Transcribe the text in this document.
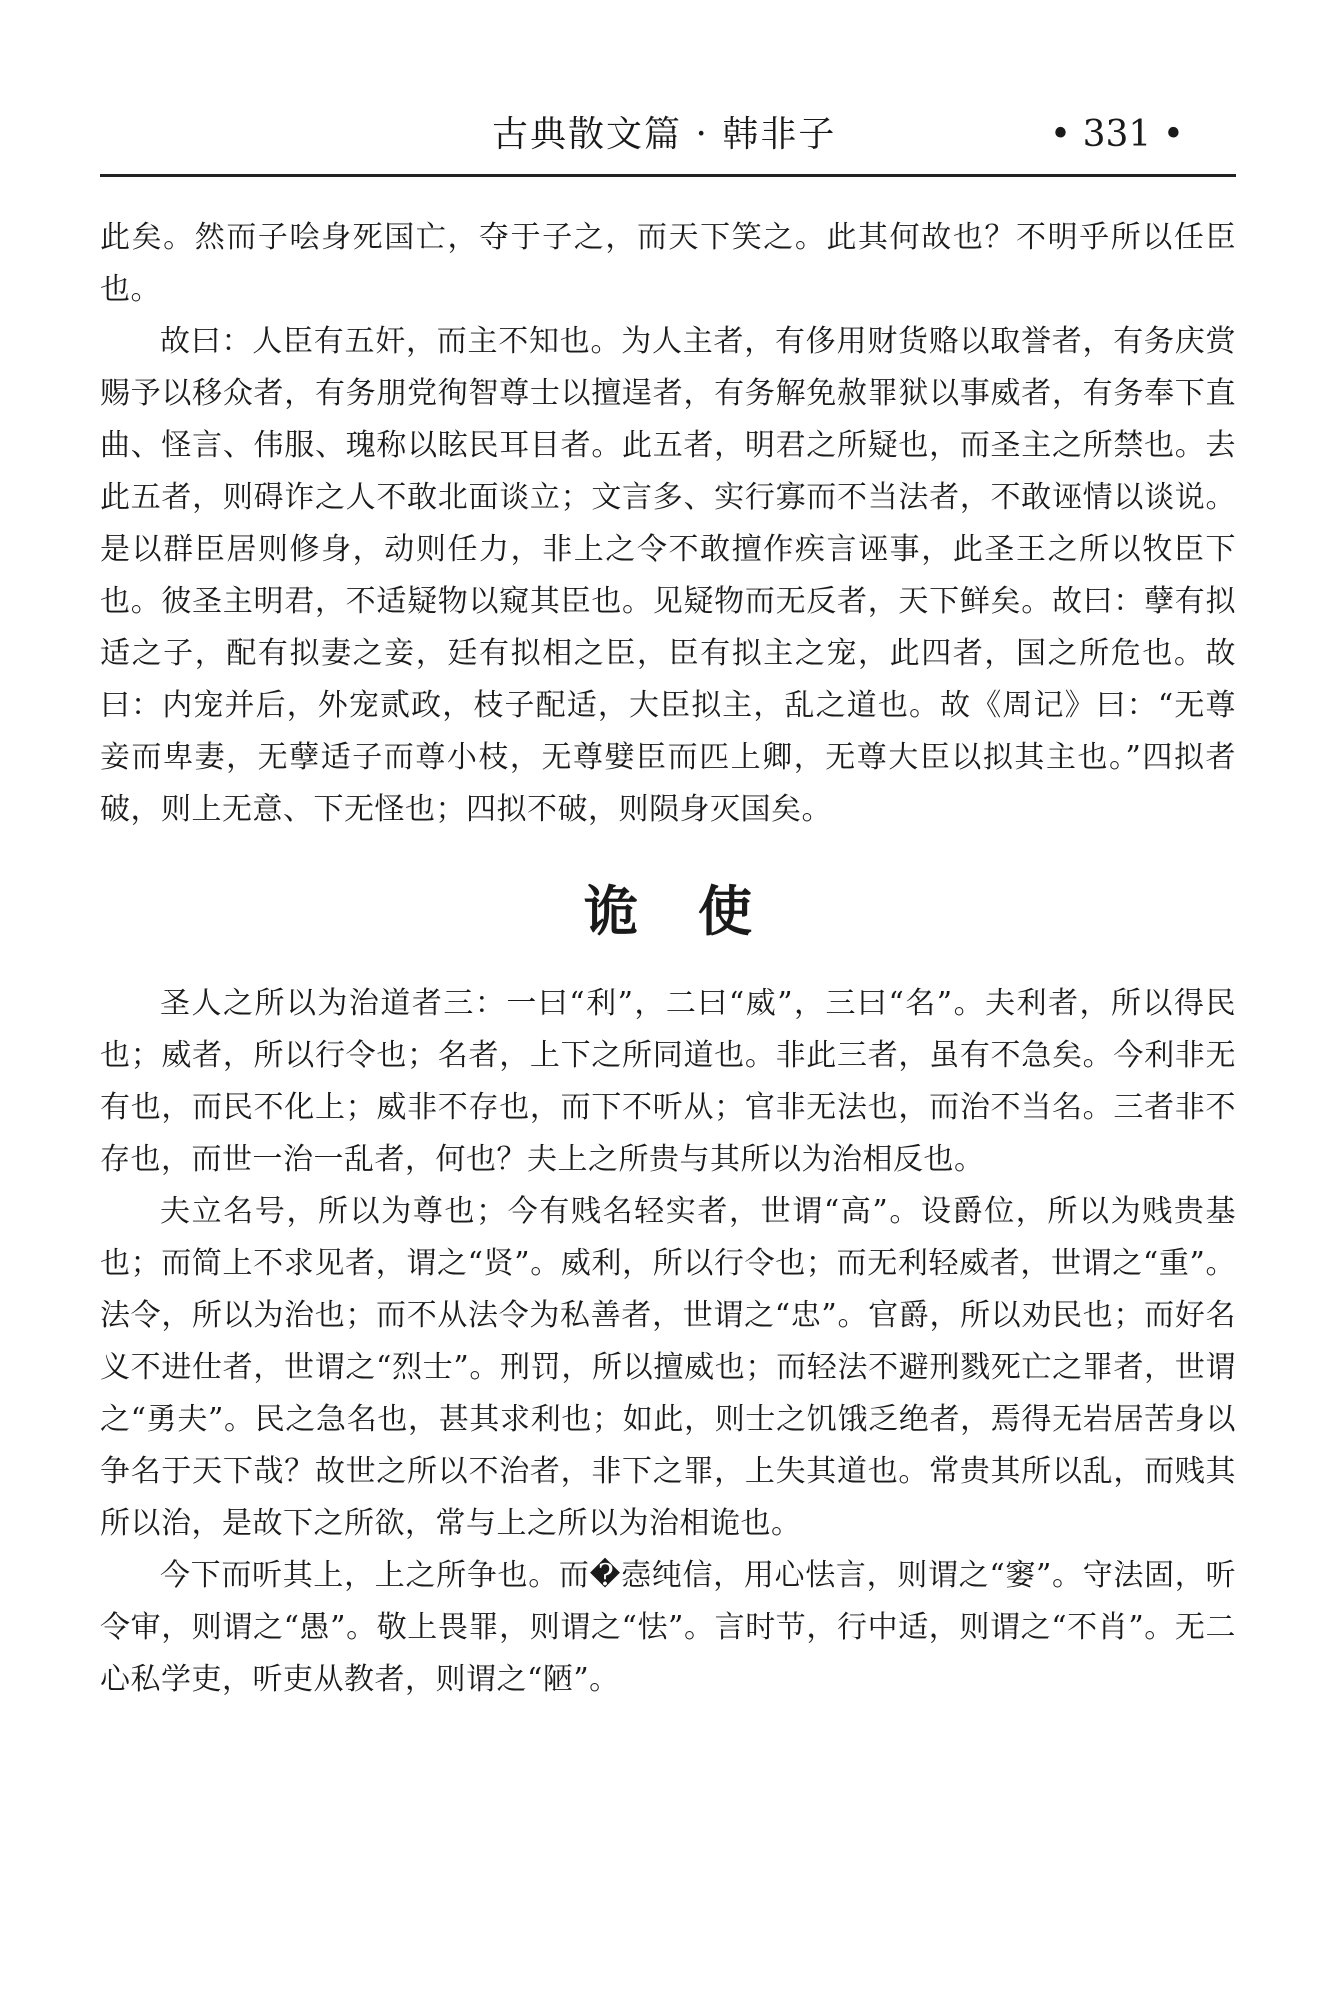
古典散文篇 · 韩非子	• 331 •

此矣。然而子哙身死国亡，夺于子之，而天下笑之。此其何故也？不明乎所以任臣也。

故曰：人臣有五奸，而主不知也。为人主者，有侈用财货赂以取誉者，有务庆赏赐予以移众者，有务朋党徇智尊士以擅逞者，有务解免赦罪狱以事威者，有务奉下直曲、怪言、伟服、瑰称以眩民耳目者。此五者，明君之所疑也，而圣主之所禁也。去此五者，则碍诈之人不敢北面谈立；文言多、实行寡而不当法者，不敢诬情以谈说。是以群臣居则修身，动则任力，非上之令不敢擅作疾言诬事，此圣王之所以牧臣下也。彼圣主明君，不适疑物以窥其臣也。见疑物而无反者，天下鲜矣。故曰：孽有拟适之子，配有拟妻之妾，廷有拟相之臣，臣有拟主之宠，此四者，国之所危也。故曰：内宠并后，外宠贰政，枝子配适，大臣拟主，乱之道也。故《周记》曰：“无尊妾而卑妻，无孽适子而尊小枝，无尊嬖臣而匹上卿，无尊大臣以拟其主也。”四拟者破，则上无意、下无怪也；四拟不破，则陨身灭国矣。

诡使

圣人之所以为治道者三：一曰“利”，二曰“威”，三曰“名”。夫利者，所以得民也；威者，所以行令也；名者，上下之所同道也。非此三者，虽有不急矣。今利非无有也，而民不化上；威非不存也，而下不听从；官非无法也，而治不当名。三者非不存也，而世一治一乱者，何也？夫上之所贵与其所以为治相反也。

夫立名号，所以为尊也；今有贱名轻实者，世谓“高”。设爵位，所以为贱贵基也；而简上不求见者，谓之“贤”。威利，所以行令也；而无利轻威者，世谓之“重”。法令，所以为治也；而不从法令为私善者，世谓之“忠”。官爵，所以劝民也；而好名义不进仕者，世谓之“烈士”。刑罚，所以擅威也；而轻法不避刑戮死亡之罪者，世谓之“勇夫”。民之急名也，甚其求利也；如此，则士之饥饿乏绝者，焉得无岩居苦身以争名于天下哉？故世之所以不治者，非下之罪，上失其道也。常贵其所以乱，而贱其所以治，是故下之所欲，常与上之所以为治相诡也。

今下而听其上，上之所争也。而�悫纯信，用心怯言，则谓之“窭”。守法固，听令审，则谓之“愚”。敬上畏罪，则谓之“怯”。言时节，行中适，则谓之“不肖”。无二心私学吏，听吏从教者，则谓之“陋”。
